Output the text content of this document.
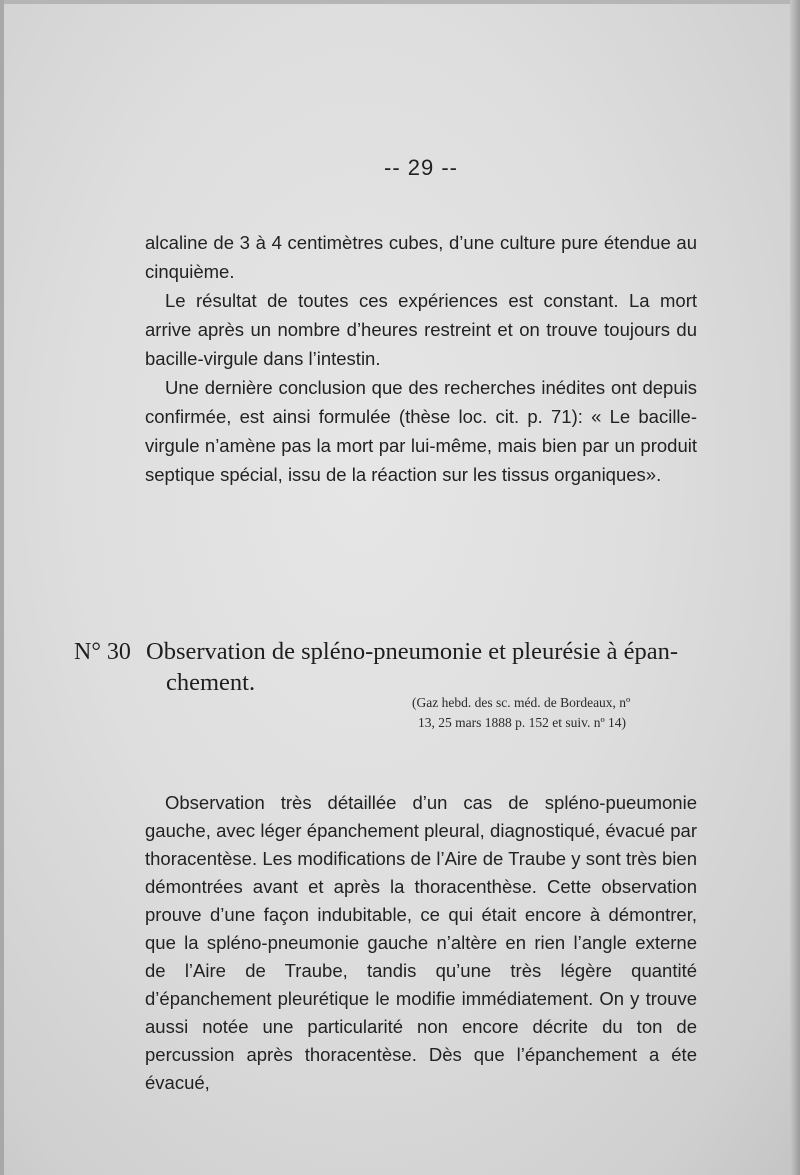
-- 29 --

alcaline de 3 à 4 centimètres cubes, d’une culture pure étendue au cinquième.

Le résultat de toutes ces expériences est constant. La mort arrive après un nombre d’heures restreint et on trouve toujours du bacille-virgule dans l’intestin.

Une dernière conclusion que des recherches inédites ont depuis confirmée, est ainsi formulée (thèse loc. cit. p. 71): « Le bacille-virgule n’amène pas la mort par lui-même, mais bien par un produit septique spécial, issu de la réaction sur les tissus organiques».

N° 30 Observation de spléno-pneumonie et pleurésie à épan-
chement.
(Gaz hebd. des sc. méd. de Bordeaux, nº
13, 25 mars 1888 p. 152 et suiv. nº 14)

Observation très détaillée d’un cas de spléno-pueumonie gauche, avec léger épanchement pleural, diagnostiqué, évacué par thoracentèse. Les modifications de l’Aire de Traube y sont très bien démontrées avant et après la thoracenthèse. Cette observation prouve d’une façon indubitable, ce qui était encore à démontrer, que la spléno-pneumonie gauche n’altère en rien l’angle externe de l’Aire de Traube, tandis qu’une très légère quantité d’épanchement pleurétique le modifie immédiatement. On y trouve aussi notée une particularité non encore décrite du ton de percussion après thoracentèse. Dès que l’épanchement a éte évacué,
